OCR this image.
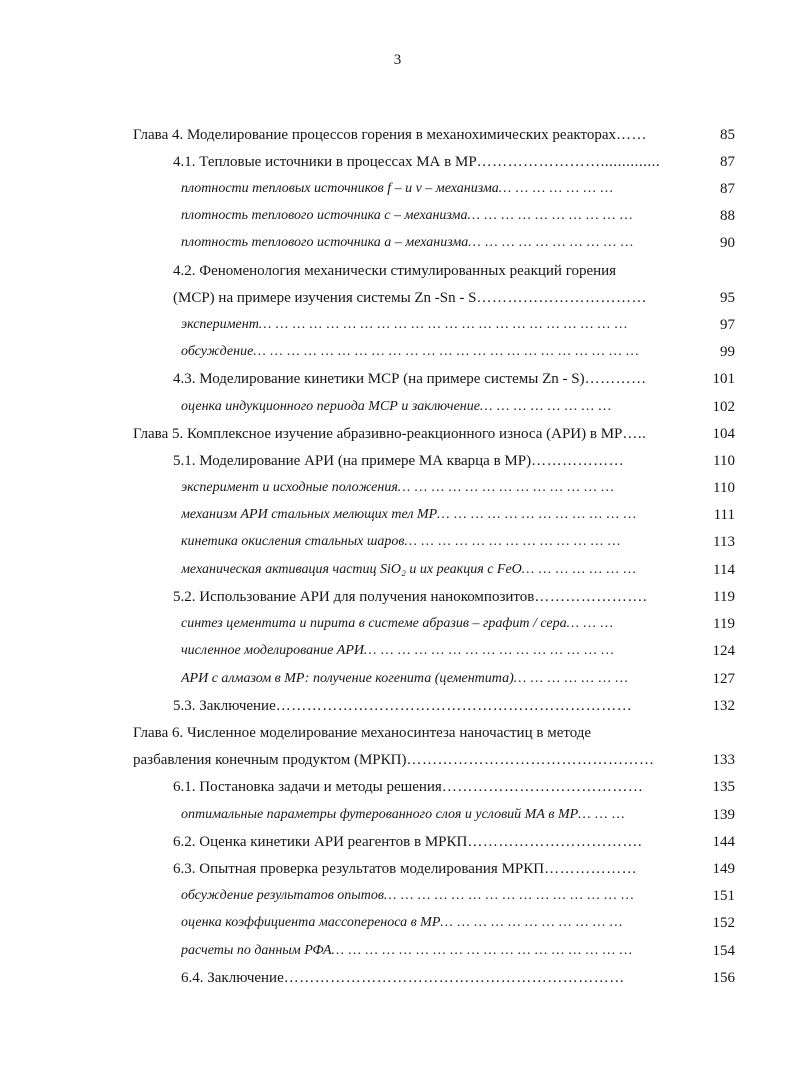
3
Глава 4. Моделирование процессов горения в механохимических реакторах……	85
4.1. Тепловые источники в процессах МА в МР……………………..............	87
плотности тепловых источников f – и v – механизма… … … … … … …	87
плотность теплового источника с – механизма… … … … … … … … … …	88
плотность теплового источника а – механизма… … … … … … … … … …	90
4.2. Феноменология механически стимулированных реакций горения
(МСР) на примере изучения системы Zn -Sn - S……………………………	95
эксперимент… … … … … … … … … … … … … … … … … … … … … …	97
обсуждение… … … … … … … … … … … … … … … … … … … … … … …	99
4.3. Моделирование кинетики МСР (на примере системы Zn - S)…………	101
оценка индукционного периода МСР и заключение… … … … … … … …	102
Глава 5. Комплексное изучение абразивно-реакционного износа (АРИ) в МР…..	104
5.1. Моделирование АРИ (на примере МА кварца в МР)………………	110
эксперимент и исходные положения… … … … … … … … … … … … …	110
механизм АРИ стальных мелющих тел МР… … … … … … … … … … … …	111
кинетика окисления стальных шаров… … … … … … … … … … … … …	113
механическая активация частиц SiO₂ и их реакция с FeO… … … … … … …	114
5.2. Использование АРИ для получения нанокомпозитов………………….	119
синтез цементита и пирита в системе абразив – графит / сера… … …	119
численное моделирование АРИ… … … … … … … … … … … … … … …	124
АРИ с алмазом в МР: получение когенита (цементита)… … … … … … …	127
5.3. Заключение……………………………………………………………	132
Глава 6. Численное моделирование механосинтеза наночастиц в методе
разбавления конечным продуктом (МРКП)…………………………………………	133
6.1. Постановка задачи и методы решения…………………………………	135
оптимальные параметры футерованного слоя и условий МА в МР… … …	139
6.2. Оценка кинетики АРИ реагентов в МРКП…………………………….	144
6.3. Опытная проверка результатов моделирования МРКП………………	149
обсуждение результатов опытов… … … … … … … … … … … … … … …	151
оценка коэффициента массопереноса в МР… … … … … … … … … … …	152
расчеты по данным РФА… … … … … … … … … … … … … … … … … …	154
6.4. Заключение…………………………………………………………	156
